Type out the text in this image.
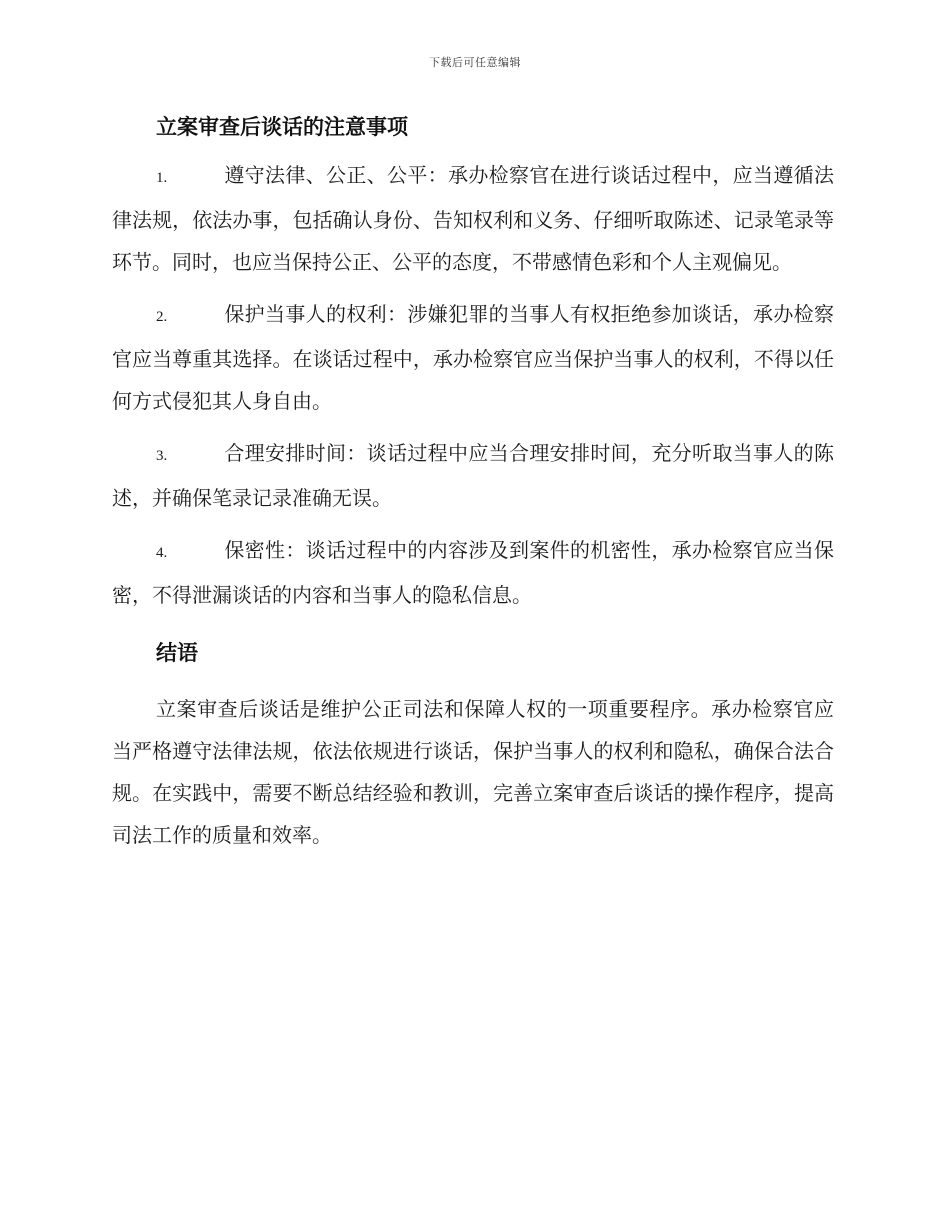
下载后可任意编辑
立案审查后谈话的注意事项

1.	遵守法律、公正、公平：承办检察官在进行谈话过程中，应当遵循法律法规，依法办事，包括确认身份、告知权利和义务、仔细听取陈述、记录笔录等环节。同时，也应当保持公正、公平的态度，不带感情色彩和个人主观偏见。

2.	保护当事人的权利：涉嫌犯罪的当事人有权拒绝参加谈话，承办检察官应当尊重其选择。在谈话过程中，承办检察官应当保护当事人的权利，不得以任何方式侵犯其人身自由。

3.	合理安排时间：谈话过程中应当合理安排时间，充分听取当事人的陈述，并确保笔录记录准确无误。

4.	保密性：谈话过程中的内容涉及到案件的机密性，承办检察官应当保密，不得泄漏谈话的内容和当事人的隐私信息。

结语

立案审查后谈话是维护公正司法和保障人权的一项重要程序。承办检察官应当严格遵守法律法规，依法依规进行谈话，保护当事人的权利和隐私，确保合法合规。在实践中，需要不断总结经验和教训，完善立案审查后谈话的操作程序，提高司法工作的质量和效率。
